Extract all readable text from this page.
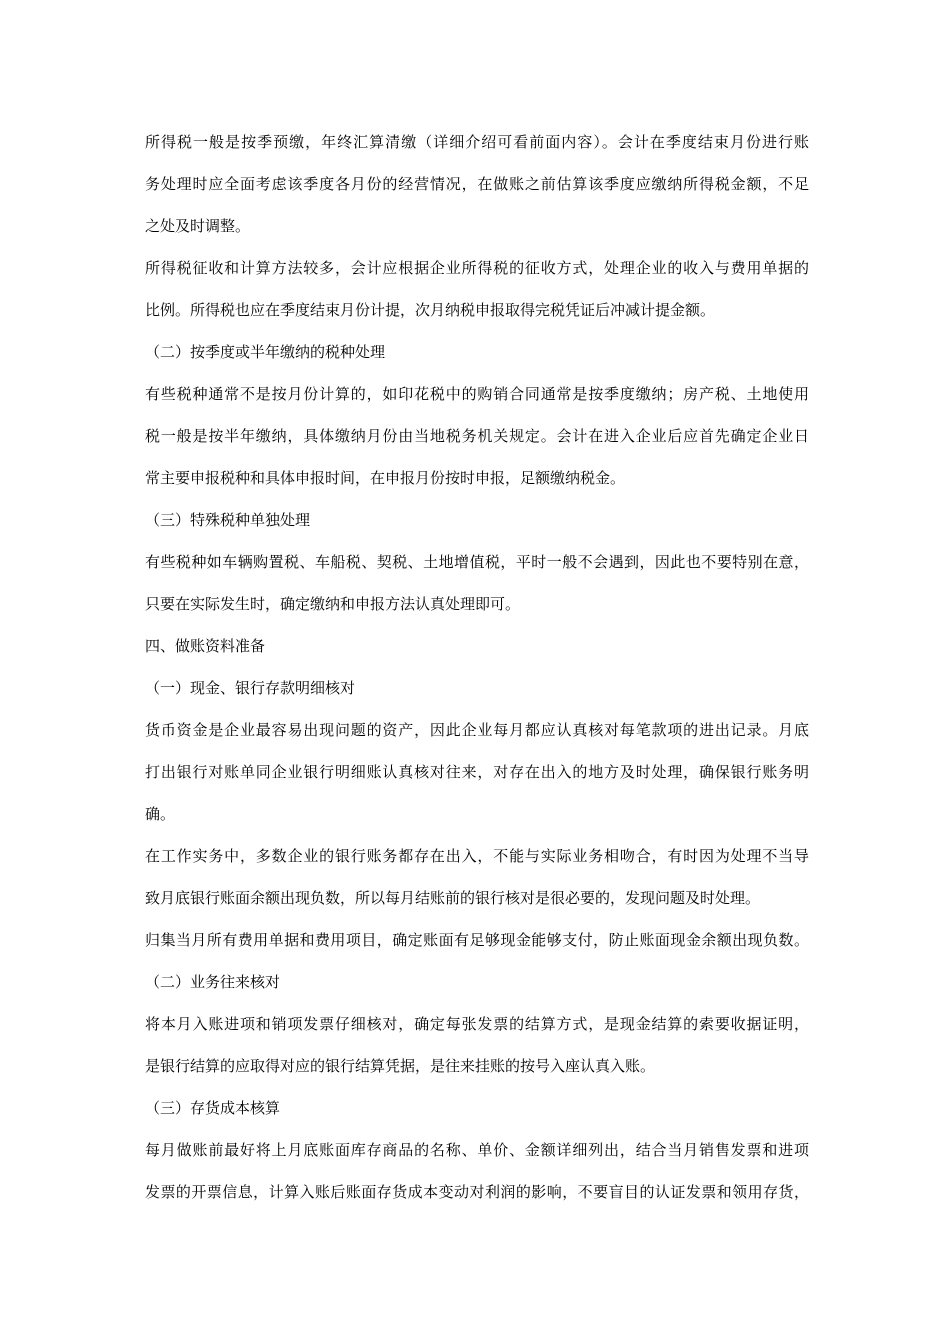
所得税一般是按季预缴，年终汇算清缴（详细介绍可看前面内容）。会计在季度结束月份进行账
务处理时应全面考虑该季度各月份的经营情况，在做账之前估算该季度应缴纳所得税金额，不足
之处及时调整。
所得税征收和计算方法较多，会计应根据企业所得税的征收方式，处理企业的收入与费用单据的
比例。所得税也应在季度结束月份计提，次月纳税申报取得完税凭证后冲减计提金额。
（二）按季度或半年缴纳的税种处理
有些税种通常不是按月份计算的，如印花税中的购销合同通常是按季度缴纳；房产税、土地使用
税一般是按半年缴纳，具体缴纳月份由当地税务机关规定。会计在进入企业后应首先确定企业日
常主要申报税种和具体申报时间，在申报月份按时申报，足额缴纳税金。
（三）特殊税种单独处理
有些税种如车辆购置税、车船税、契税、土地增值税，平时一般不会遇到，因此也不要特别在意，
只要在实际发生时，确定缴纳和申报方法认真处理即可。
四、做账资料准备
（一）现金、银行存款明细核对
货币资金是企业最容易出现问题的资产，因此企业每月都应认真核对每笔款项的进出记录。月底
打出银行对账单同企业银行明细账认真核对往来，对存在出入的地方及时处理，确保银行账务明
确。
在工作实务中，多数企业的银行账务都存在出入，不能与实际业务相吻合，有时因为处理不当导
致月底银行账面余额出现负数，所以每月结账前的银行核对是很必要的，发现问题及时处理。
归集当月所有费用单据和费用项目，确定账面有足够现金能够支付，防止账面现金余额出现负数。
（二）业务往来核对
将本月入账进项和销项发票仔细核对，确定每张发票的结算方式，是现金结算的索要收据证明，
是银行结算的应取得对应的银行结算凭据，是往来挂账的按号入座认真入账。
（三）存货成本核算
每月做账前最好将上月底账面库存商品的名称、单价、金额详细列出，结合当月销售发票和进项
发票的开票信息，计算入账后账面存货成本变动对利润的影响，不要盲目的认证发票和领用存货，
